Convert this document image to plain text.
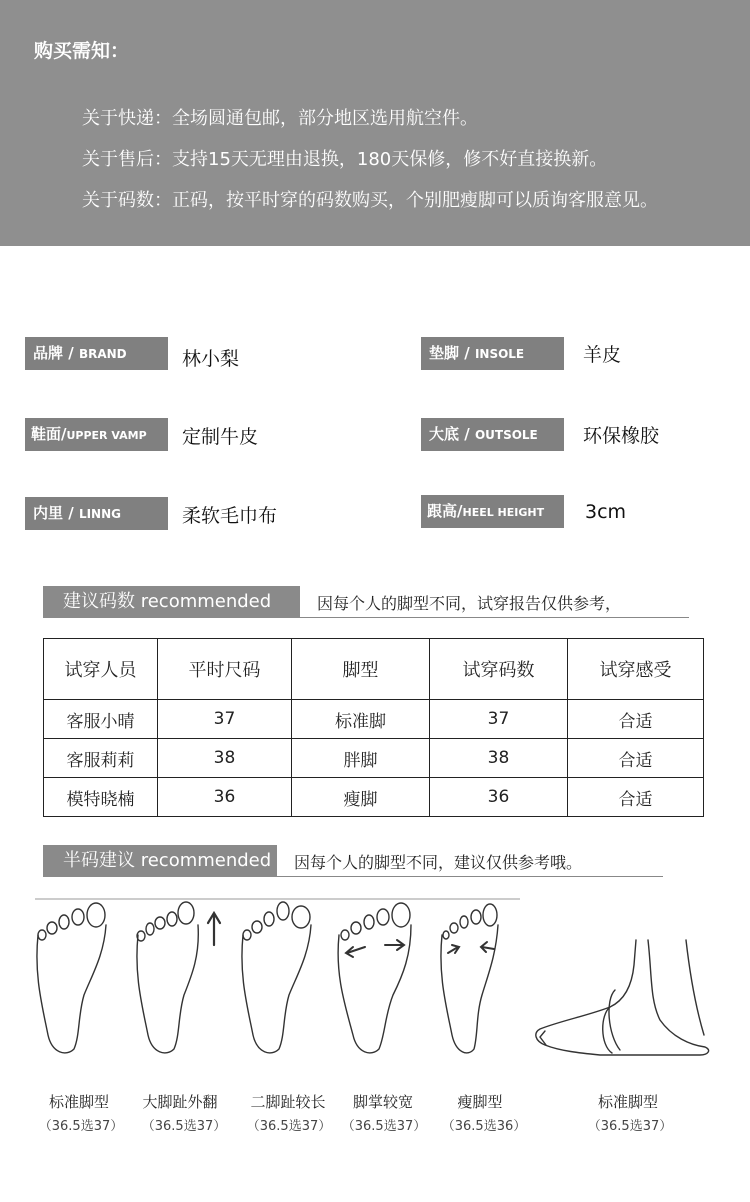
购买需知：
关于快递：全场圆通包邮，部分地区选用航空件。
关于售后：支持15天无理由退换，180天保修，修不好直接换新。
关于码数：正码，按平时穿的码数购买，个别肥瘦脚可以质询客服意见。
品牌 / BRAND	林小梨	垫脚 / INSOLE	羊皮
鞋面/UPPER VAMP	定制牛皮	大底 / OUTSOLE	环保橡胶
内里 / LINNG	柔软毛巾布	跟高/HEEL HEIGHT	3cm
建议码数 recommended	因每个人的脚型不同，试穿报告仅供参考，
试穿人员	平时尺码	脚型	试穿码数	试穿感受
客服小晴	37	标准脚	37	合适
客服莉莉	38	胖脚	38	合适
模特晓楠	36	瘦脚	36	合适
半码建议 recommended	因每个人的脚型不同，建议仅供参考哦。
标准脚型
（36.5选37）
大脚趾外翻
（36.5选37）
二脚趾较长
（36.5选37）
脚掌较宽
（36.5选37）
瘦脚型
（36.5选36）
标准脚型
（36.5选37）
